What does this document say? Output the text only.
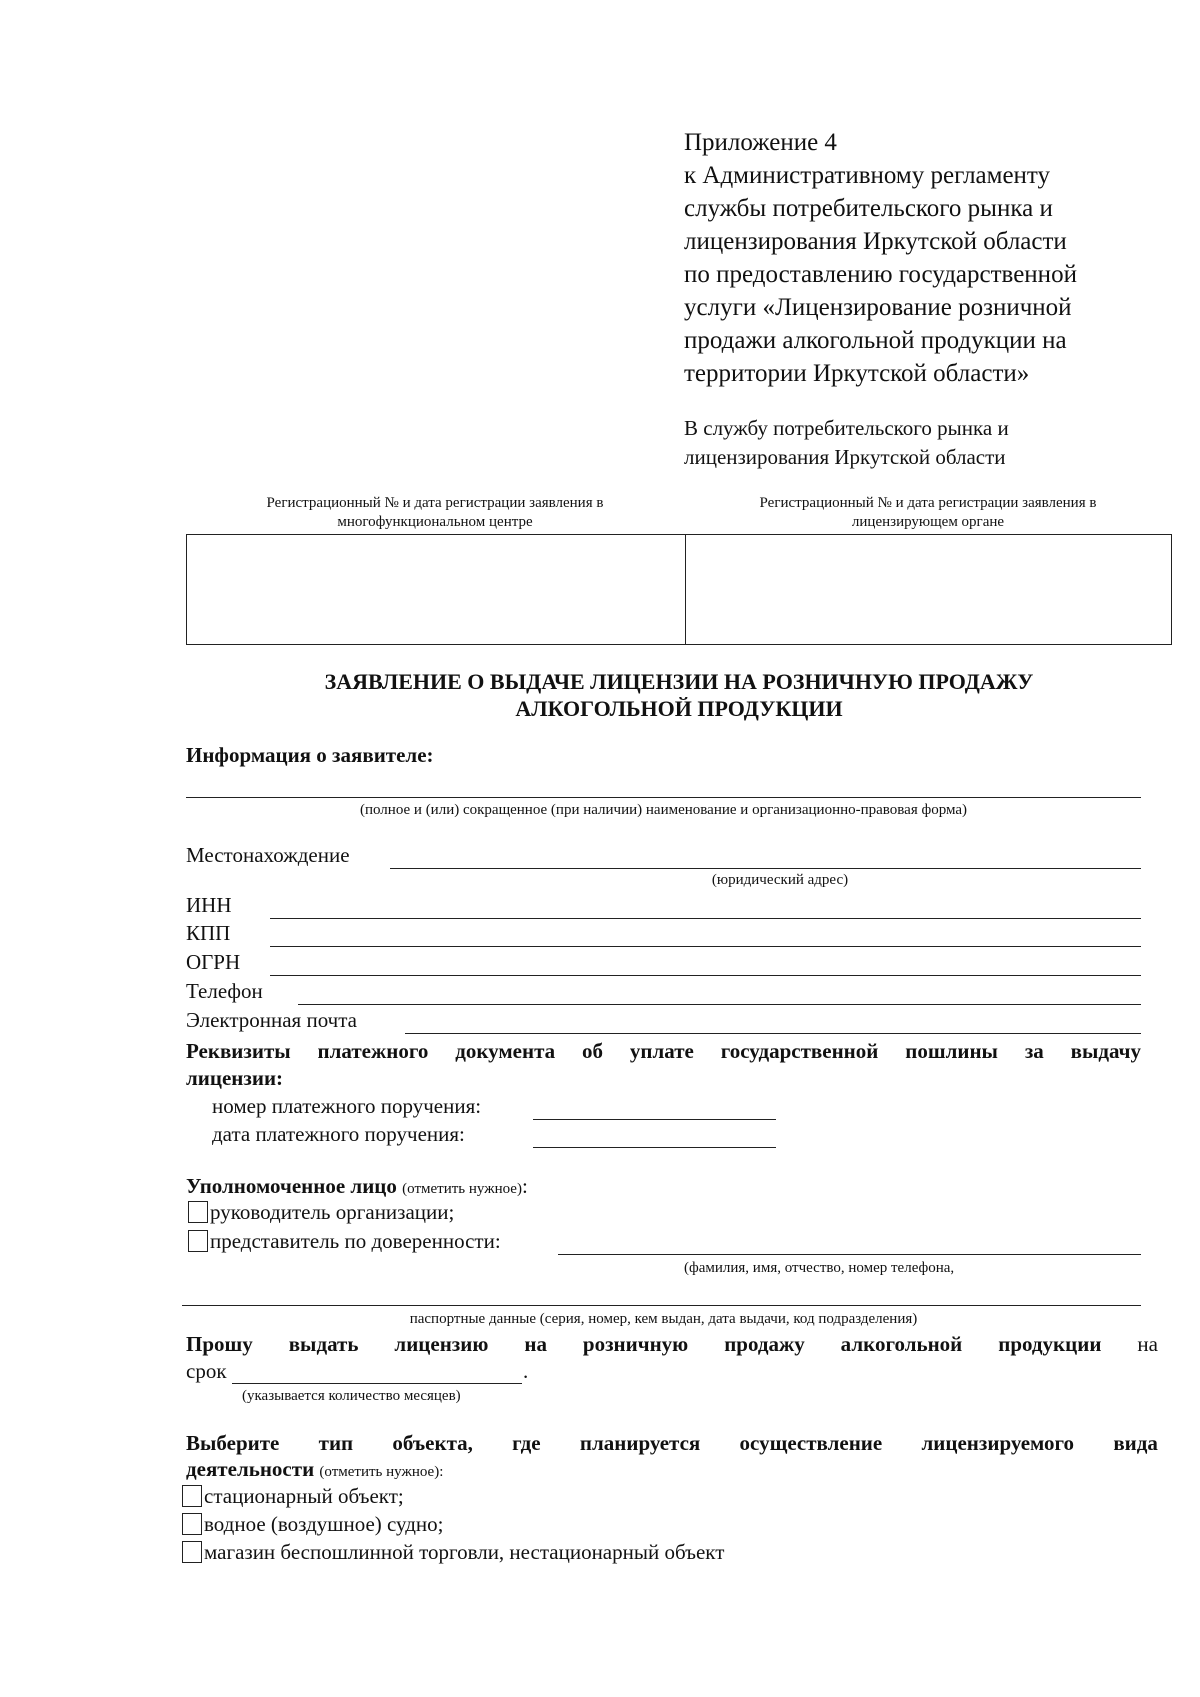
Приложение 4
к Административному регламенту
службы потребительского рынка и
лицензирования Иркутской области
по предоставлению государственной
услуги «Лицензирование розничной
продажи алкогольной продукции на
территории Иркутской области»
В службу потребительского рынка и
лицензирования Иркутской области
Регистрационный № и дата регистрации заявления в
многофункциональном центре
Регистрационный № и дата регистрации заявления в
лицензирующем органе
ЗАЯВЛЕНИЕ О ВЫДАЧЕ ЛИЦЕНЗИИ НА РОЗНИЧНУЮ ПРОДАЖУ
АЛКОГОЛЬНОЙ ПРОДУКЦИИ
Информация о заявителе:
(полное и (или) сокращенное (при наличии) наименование и организационно-правовая форма)
Местонахождение
(юридический адрес)
ИНН
КПП
ОГРН
Телефон
Электронная почта
Реквизиты платежного документа об уплате государственной пошлины за выдачу
лицензии:
номер платежного поручения:
дата платежного поручения:
Уполномоченное лицо (отметить нужное):
руководитель организации;
представитель по доверенности:
(фамилия, имя, отчество, номер телефона,
паспортные данные (серия, номер, кем выдан, дата выдачи, код подразделения)
Прошу выдать лицензию на розничную продажу алкогольной продукции на
срок	.
(указывается количество месяцев)
Выберите тип объекта, где планируется осуществление лицензируемого вида
деятельности (отметить нужное):
стационарный объект;
водное (воздушное) судно;
магазин беспошлинной торговли, нестационарный объект
